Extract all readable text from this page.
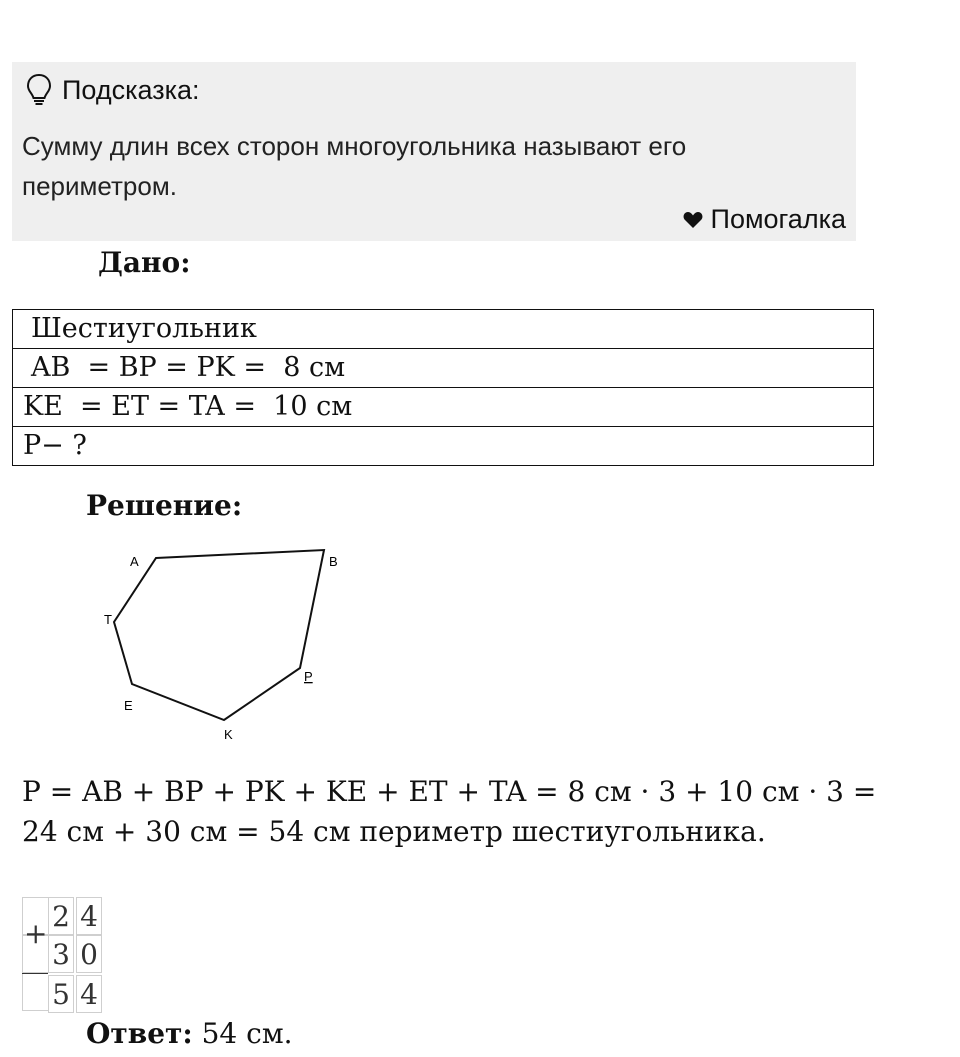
Подсказка:
Сумму длин всех сторон многоугольника называют его периметром.
Помогалка
Дано:
Шестиугольник
AB  = BP = PK =  8 см
KE  = ET = TA =  10 см
P− ?
Решение:
A	B
P
K
E
T
P = AB + BP + PK + KE + ET + TA = 8 см · 3 + 10 см · 3 =
24 см + 30 см = 54 см периметр шестиугольника.
+
2 4
3 0
5 4
Ответ: 54 см.
